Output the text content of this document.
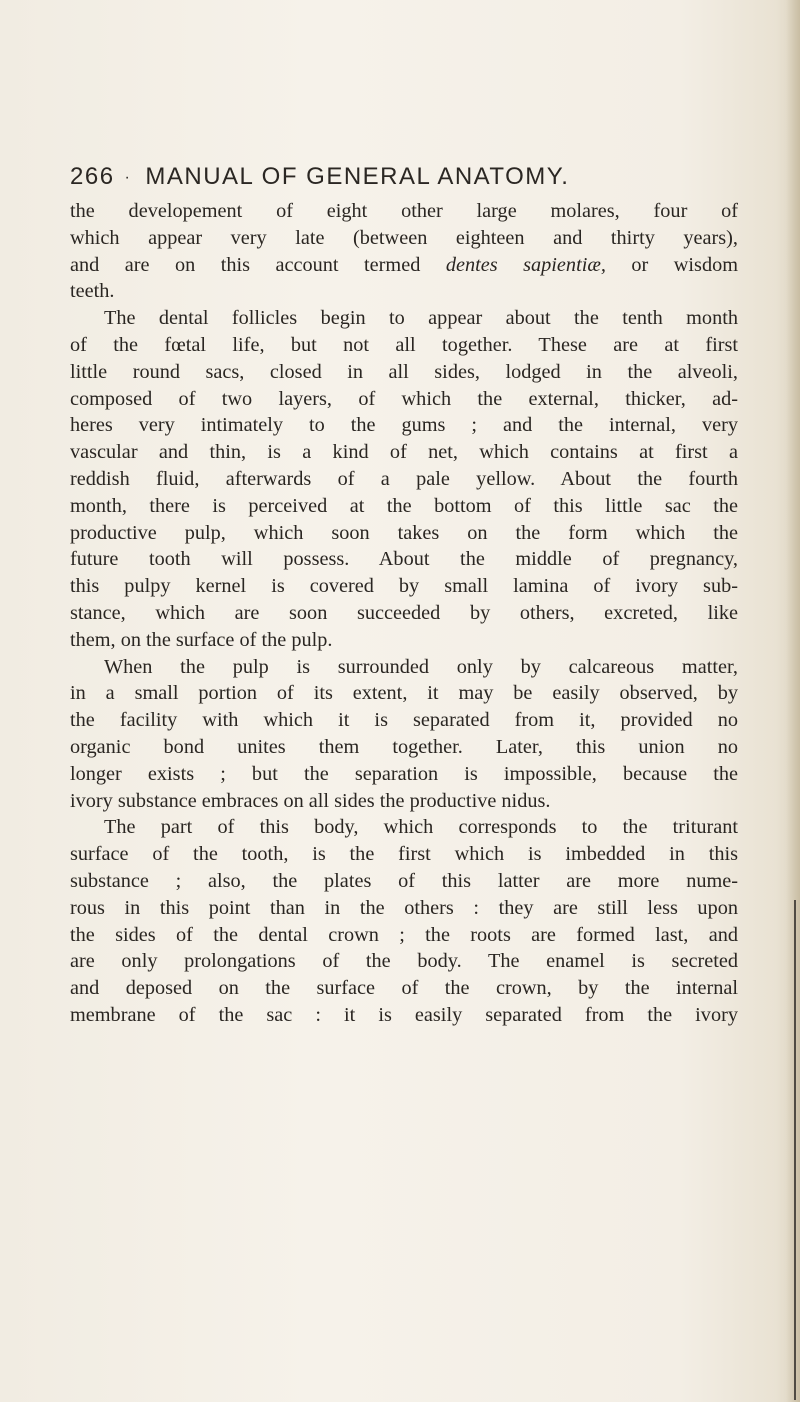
266 · MANUAL OF GENERAL ANATOMY.
the developement of eight other large molares, four of
which appear very late (between eighteen and thirty years),
and are on this account termed dentes sapientiæ, or wisdom
teeth.
The dental follicles begin to appear about the tenth month
of the fœtal life, but not all together. These are at first
little round sacs, closed in all sides, lodged in the alveoli,
composed of two layers, of which the external, thicker, ad-
heres very intimately to the gums ; and the internal, very
vascular and thin, is a kind of net, which contains at first a
reddish fluid, afterwards of a pale yellow. About the fourth
month, there is perceived at the bottom of this little sac the
productive pulp, which soon takes on the form which the
future tooth will possess. About the middle of pregnancy,
this pulpy kernel is covered by small lamina of ivory sub-
stance, which are soon succeeded by others, excreted, like
them, on the surface of the pulp.
When the pulp is surrounded only by calcareous matter,
in a small portion of its extent, it may be easily observed, by
the facility with which it is separated from it, provided no
organic bond unites them together. Later, this union no
longer exists ; but the separation is impossible, because the
ivory substance embraces on all sides the productive nidus.
The part of this body, which corresponds to the triturant
surface of the tooth, is the first which is imbedded in this
substance ; also, the plates of this latter are more nume-
rous in this point than in the others : they are still less upon
the sides of the dental crown ; the roots are formed last, and
are only prolongations of the body. The enamel is secreted
and deposed on the surface of the crown, by the internal
membrane of the sac : it is easily separated from the ivory
